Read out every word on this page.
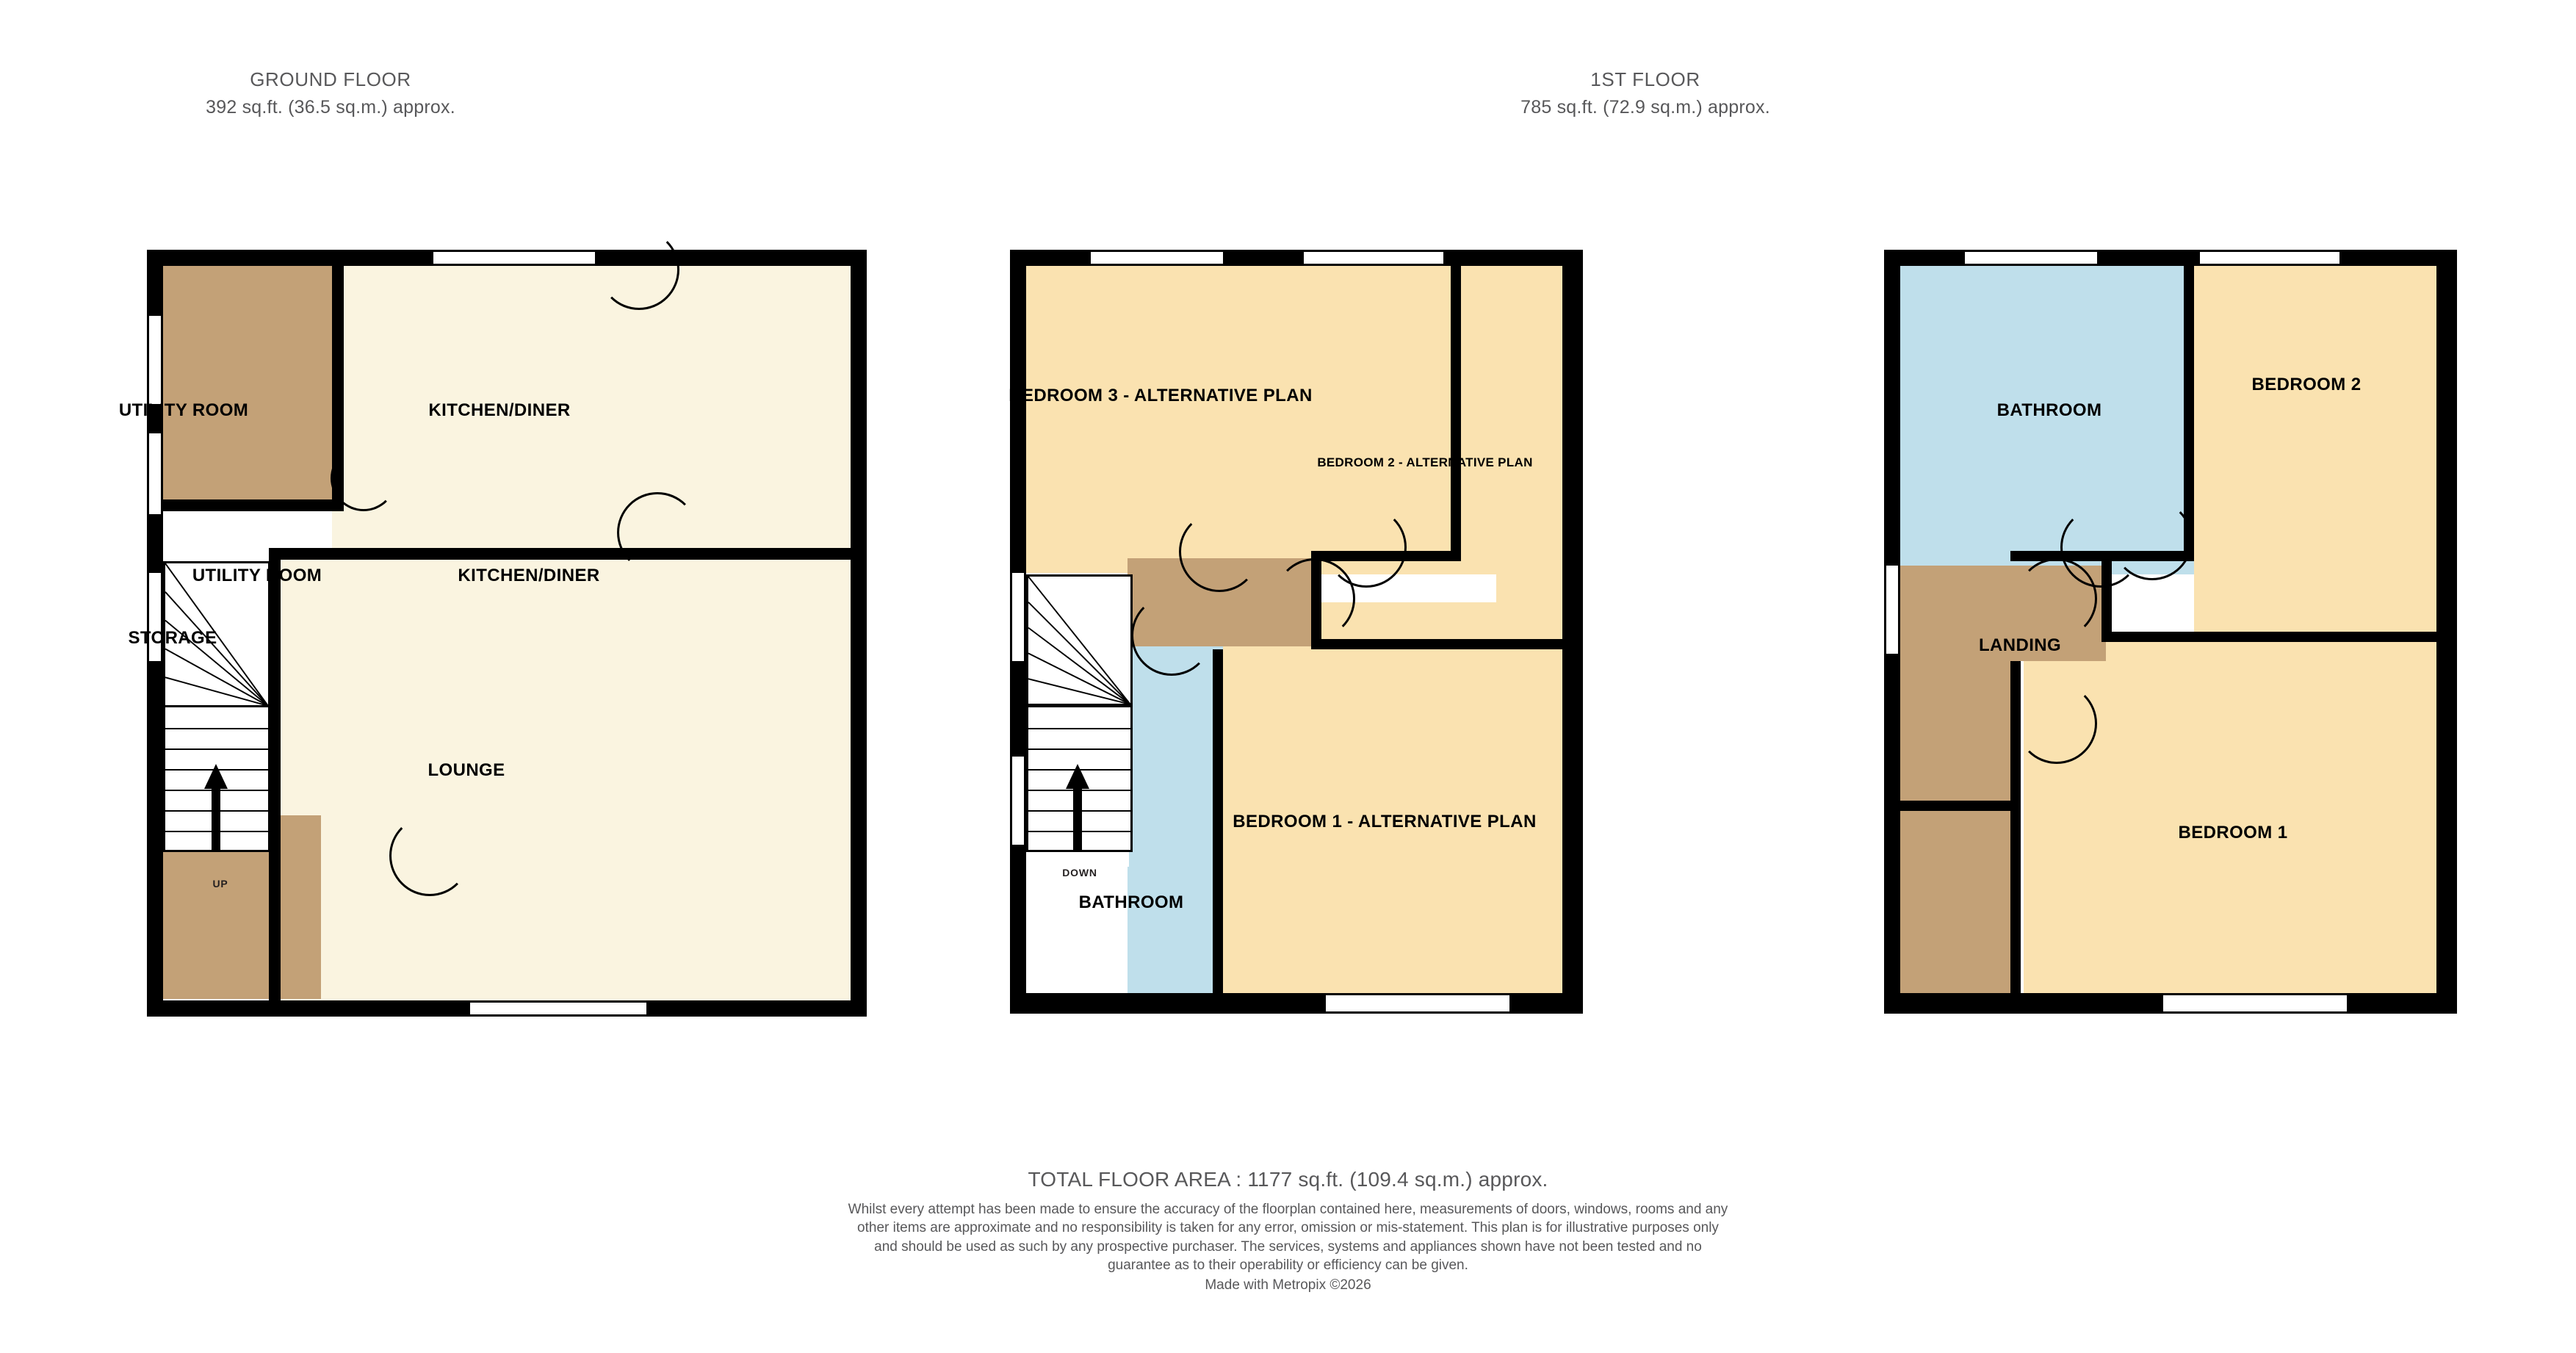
GROUND FLOOR
392 sq.ft. (36.5 sq.m.) approx.
1ST FLOOR
785 sq.ft. (72.9 sq.m.) approx.
UP
UTILITY ROOM	KITCHEN/DINER
UTILITY ROOM	KITCHEN/DINER
STORAGE
LOUNGE
DOWN
BEDROOM 3 - ALTERNATIVE PLAN
BEDROOM 2 - ALTERNATIVE PLAN
BEDROOM 1 - ALTERNATIVE PLAN
BATHROOM
BATHROOM
BEDROOM 2
LANDING
BEDROOM 1
TOTAL FLOOR AREA : 1177 sq.ft. (109.4 sq.m.) approx.
Whilst every attempt has been made to ensure the accuracy of the floorplan contained here, measurements of doors, windows, rooms and any other items are approximate and no responsibility is taken for any error, omission or mis-statement. This plan is for illustrative purposes only and should be used as such by any prospective purchaser. The services, systems and appliances shown have not been tested and no guarantee as to their operability or efficiency can be given.
Made with Metropix ©2026
